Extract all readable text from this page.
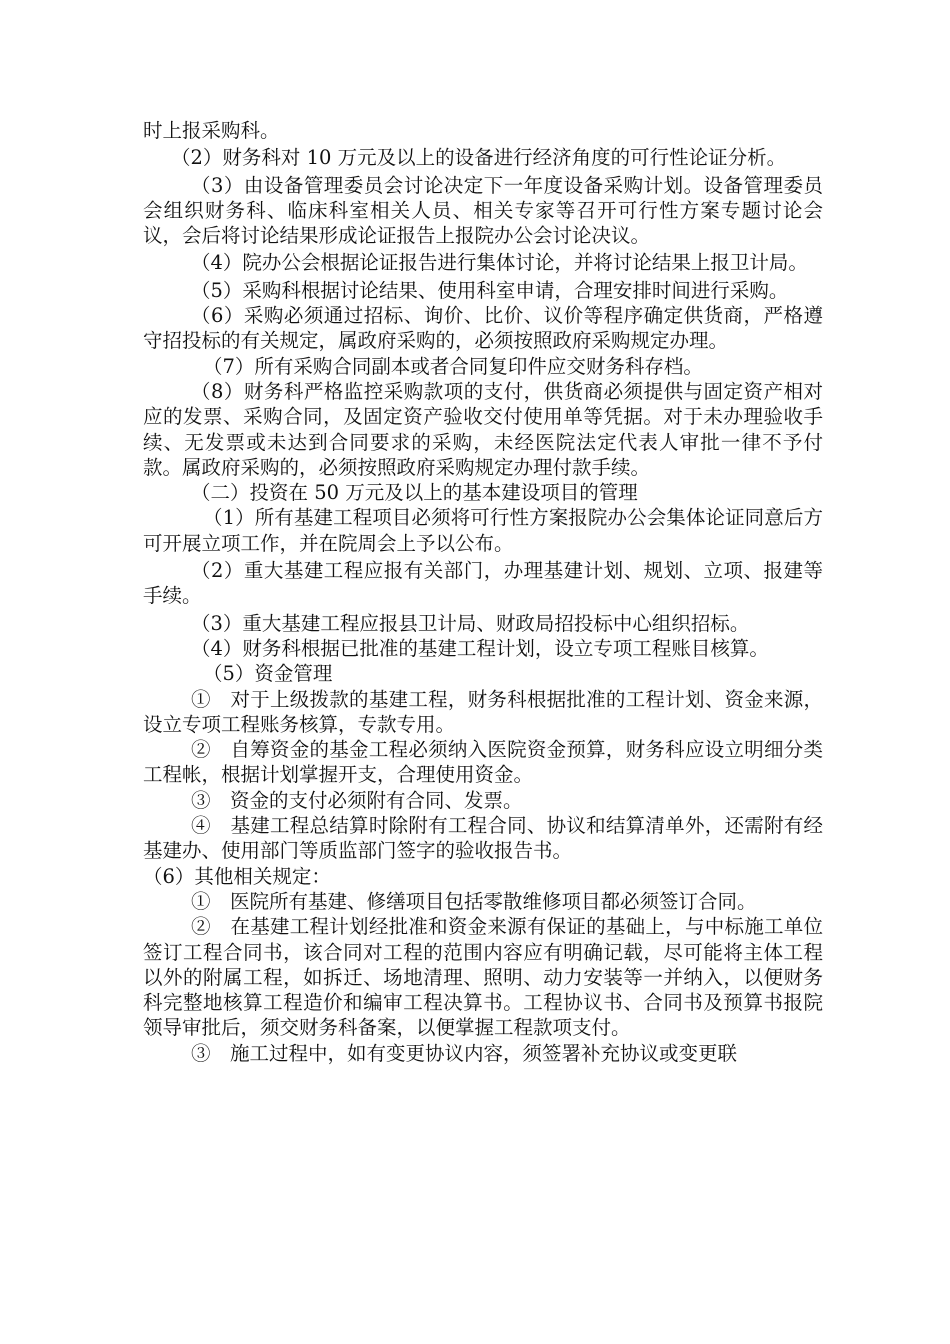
时上报采购科。

（2）财务科对 10 万元及以上的设备进行经济角度的可行性论证分析。

（3）由设备管理委员会讨论决定下一年度设备采购计划。设备管理委员会组织财务科、临床科室相关人员、相关专家等召开可行性方案专题讨论会议，会后将讨论结果形成论证报告上报院办公会讨论决议。

（4）院办公会根据论证报告进行集体讨论，并将讨论结果上报卫计局。

（5）采购科根据讨论结果、使用科室申请，合理安排时间进行采购。

（6）采购必须通过招标、询价、比价、议价等程序确定供货商，严格遵守招投标的有关规定，属政府采购的，必须按照政府采购规定办理。

（7）所有采购合同副本或者合同复印件应交财务科存档。

（8）财务科严格监控采购款项的支付，供货商必须提供与固定资产相对应的发票、采购合同，及固定资产验收交付使用单等凭据。对于未办理验收手续、无发票或未达到合同要求的采购，未经医院法定代表人审批一律不予付款。属政府采购的，必须按照政府采购规定办理付款手续。

（二）投资在 50 万元及以上的基本建设项目的管理

（1）所有基建工程项目必须将可行性方案报院办公会集体论证同意后方可开展立项工作，并在院周会上予以公布。

（2）重大基建工程应报有关部门，办理基建计划、规划、立项、报建等手续。

（3）重大基建工程应报县卫计局、财政局招投标中心组织招标。

（4）财务科根据已批准的基建工程计划，设立专项工程账目核算。

（5）资金管理

①　对于上级拨款的基建工程，财务科根据批准的工程计划、资金来源，设立专项工程账务核算，专款专用。

②　自筹资金的基金工程必须纳入医院资金预算，财务科应设立明细分类工程帐，根据计划掌握开支，合理使用资金。

③　资金的支付必须附有合同、发票。

④　基建工程总结算时除附有工程合同、协议和结算清单外，还需附有经基建办、使用部门等质监部门签字的验收报告书。

（6）其他相关规定：

①　医院所有基建、修缮项目包括零散维修项目都必须签订合同。

②　在基建工程计划经批准和资金来源有保证的基础上，与中标施工单位签订工程合同书，该合同对工程的范围内容应有明确记载，尽可能将主体工程以外的附属工程，如拆迁、场地清理、照明、动力安装等一并纳入，以便财务科完整地核算工程造价和编审工程决算书。工程协议书、合同书及预算书报院领导审批后，须交财务科备案，以便掌握工程款项支付。

③　施工过程中，如有变更协议内容，须签署补充协议或变更联
